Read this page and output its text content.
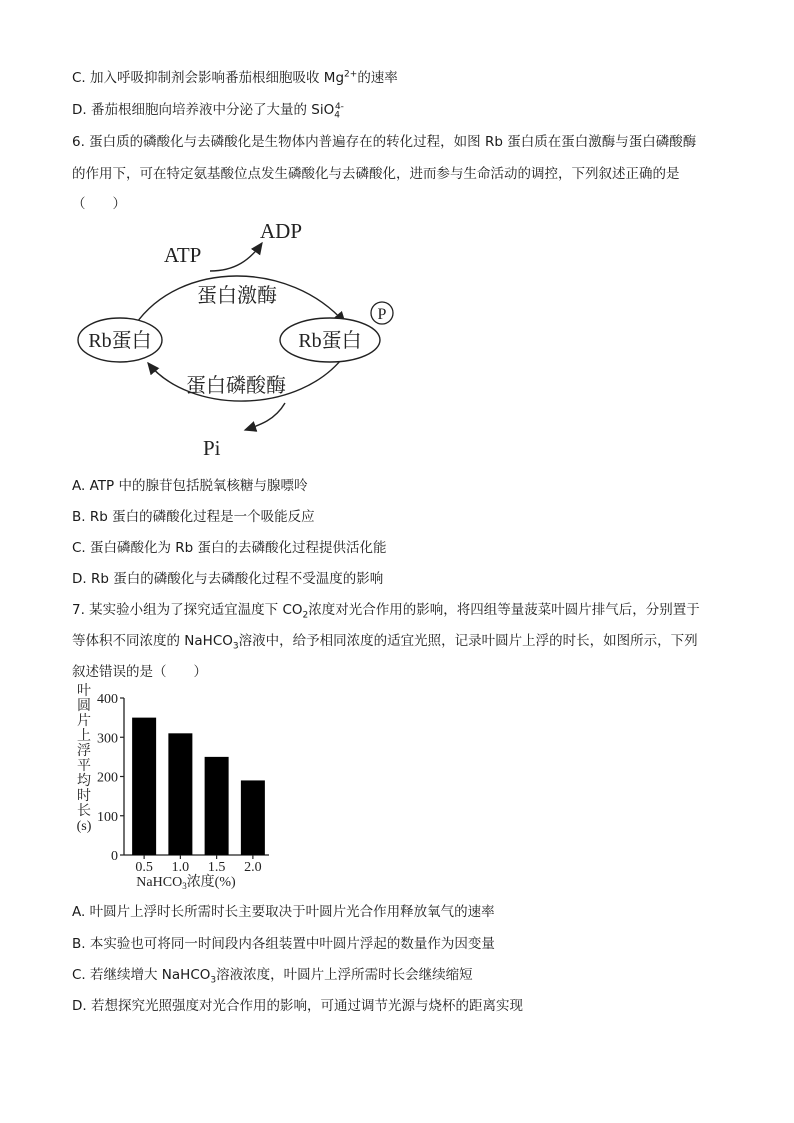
C. 加入呼吸抑制剂会影响番茄根细胞吸收 $Mg^{2+}$的速率
D. 番茄根细胞向培养液中分泌了大量的 SiO$_4^{4-}$
6. 蛋白质的磷酸化与去磷酸化是生物体内普遍存在的转化过程，如图 Rb 蛋白质在蛋白激酶与蛋白磷酸酶
的作用下，可在特定氨基酸位点发生磷酸化与去磷酸化，进而参与生命活动的调控，下列叙述正确的是
（　　）
ATP
ADP
蛋白激酶
蛋白磷酸酶
Rb蛋白	Rb蛋白
P
Pi
A. ATP 中的腺苷包括脱氧核糖与腺嘌呤
B. Rb 蛋白的磷酸化过程是一个吸能反应
C. 蛋白磷酸化为 Rb 蛋白的去磷酸化过程提供活化能
D. Rb 蛋白的磷酸化与去磷酸化过程不受温度的影响
7. 某实验小组为了探究适宜温度下 $CO_2$浓度对光合作用的影响，将四组等量菠菜叶圆片排气后，分别置于
等体积不同浓度的 NaHCO$_3$溶液中，给予相同浓度的适宜光照，记录叶圆片上浮的时长，如图所示，下列
叙述错误的是（　　）
叶
圆
片
上
浮
平
均
时
长
(s)
0
100
200
300
400
0.5 1.0 1.5 2.0
NaHCO$_3$浓度(%)
A. 叶圆片上浮时长所需时长主要取决于叶圆片光合作用释放氧气的速率
B. 本实验也可将同一时间段内各组装置中叶圆片浮起的数量作为因变量
C. 若继续增大 NaHCO$_3$溶液浓度，叶圆片上浮所需时长会继续缩短
D. 若想探究光照强度对光合作用的影响，可通过调节光源与烧杯的距离实现
